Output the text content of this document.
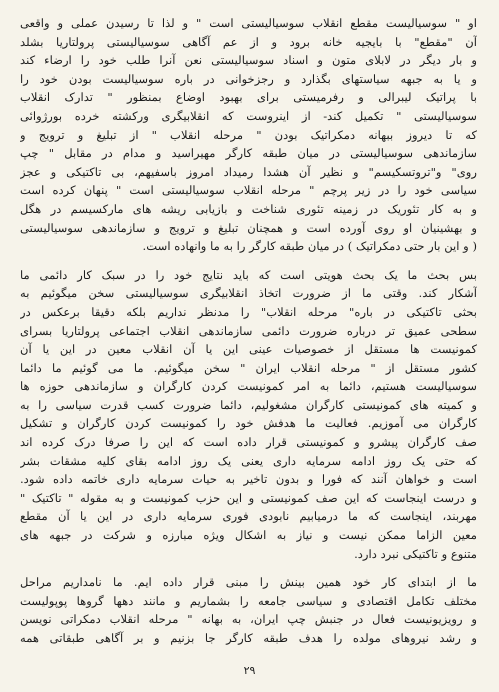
او " سوسیالیست مقطع انقلاب سوسیالیستی است " و لذا تا رسیدن عملی و واقعی
آن "مقطع" با بایجیه خانه برود و از عم آگاهی سوسیالیستی پرولتاریا بشلد
و بار دیگر در لابلای متون و اسناد سوسیالیستی نعن آنرا طلب خود را ارضاء کند
و یا به جبهه سیاستهای بگذارد و رجزخوانی در باره سوسیالیست بودن خود را
با پراتیک لیبرالی و رفرمیستی برای بهبود اوضاع بمنظور " تدارک انقلاب
سوسیالیستی " تکمیل کند- از اینروست که انقلابیگری ورکشته خرده بورژوائی
که تا دیروز ببهانه دمکراتیک بودن " مرحله انقلاب " از تبلیغ و ترویج و
سازماندهی سوسیالیستی در میان طبقه کارگر مهیراسید و مدام در مقابل " چپ
روی" و"تروتسکیسم" و نظیر آن هشدا رمیداد امروز باسفیهم، بی تاکتیکی و عجز
سیاسی خود را در زیر پرچم " مرحله انقلاب سوسیالیستی است " پنهان کرده است
و به کار تئوریک در زمینه تئوری شناخت و بازیابی ریشه های مارکسیسم در هگل
و بهشینیان او روی آورده است و همچنان تبلیغ و ترویج و سازماندهی سوسیالیستی
( و این بار حتی دمکراتیک ) در میان طبقه کارگر را به ما وانهاده است.
بس بحث ما یک بحث هویتی است که باید نتایج خود را در سبک کار دائمی ما
آشکار کند. وقتی ما از ضرورت اتخاذ انقلابیگری سوسیالیستی سخن میگوئیم به
بحثی تاکتیکی در باره" مرحله انقلاب" را مدنظر نداریم بلکه دقیقا برعکس در
سطحی عمیق تر درباره ضرورت دائمی سازماندهی انقلاب اجتماعی پرولتاریا بسرای
کمونیست ها مستقل از خصوصیات عینی این یا آن انقلاب معین در این یا آن
کشور مستقل از " مرحله انقلاب ایران " سخن میگوئیم. ما می گوئیم ما دائما
سوسیالیست هستیم، دائما به امر کمونیست کردن کارگران و سازماندهی حوزه ها
و کمیته های کمونیستی کارگران مشغولیم، دائما ضرورت کسب قدرت سیاسی را به
کارگران می آموزیم. فعالیت ما هدفش خود را کمونیست کردن کارگران و تشکیل
صف کارگران پیشرو و کمونیستی قرار داده است که این را صرفا درک کرده اند
که حتی یک روز ادامه سرمایه داری یعنی یک روز ادامه بقای کلیه مشقات بشر
است و خواهان آنند که فورا و بدون تاخیر به حیات سرمایه داری خاتمه داده شود.
و درست اینجاست که این صف کمونیستی و این حزب کمونیست و به مقوله " تاکتیک "
مهربند، اینجاست که ما درمیابیم نابودی فوری سرمایه داری در این یا آن مقطع
معین الزاما ممکن نیست و نیاز به اشکال ویژه مبارزه و شرکت در جبهه های
متنوع و تاکتیکی نبرد دارد.
ما از ابتدای کار خود همین بینش را مبنی قرار داده ایم. ما نامداریم مراحل
مختلف تکامل اقتصادی و سیاسی جامعه را بشماریم و مانند دهها گروها پوپولیست
و رویزیونیست فعال در جنبش چپ ایران، به بهانه " مرحله انقلاب دمکراتی نویسن
و رشد نیروهای مولده را هدف طبقه کارگر جا بزنیم و بر آگاهی طبقاتی همه
۲۹
